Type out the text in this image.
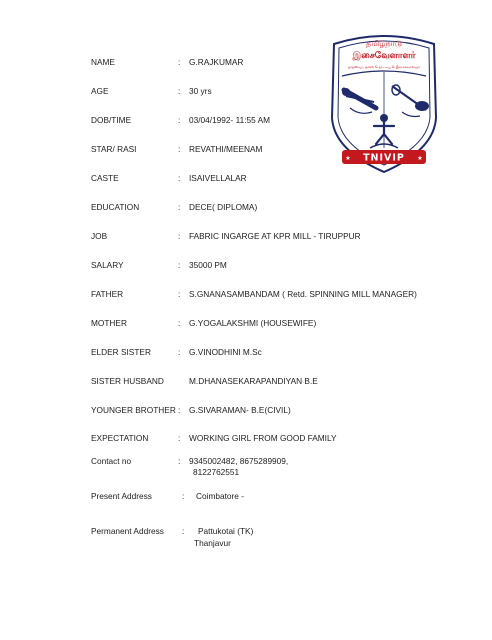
NAME	: G.RAJKUMAR
AGE	: 30 yrs
DOB/TIME	: 03/04/1992- 11:55 AM
STAR/ RASI	: REVATHI/MEENAM
CASTE	: ISAIVELLALAR
EDUCATION	: DECE( DIPLOMA)
JOB	: FABRIC INGARGE AT KPR MILL - TIRUPPUR
SALARY	: 35000 PM
FATHER	: S.GNANASAMBANDAM ( Retd. SPINNING MILL MANAGER)
MOTHER	: G.YOGALAKSHMI (HOUSEWIFE)
ELDER SISTER	: G.VINODHINI M.Sc
SISTER HUSBAND	M.DHANASEKARAPANDIYAN B.E
YOUNGER BROTHER : G.SIVARAMAN- B.E(CIVIL)
EXPECTATION	: WORKING GIRL FROM GOOD FAMILY
Contact no	: 9345002482, 8675289909,
8122762551
Present Address	: Coimbatore -
Permanent Address : Pattukotai (TK)
Thanjavur
தமிழ்நாடு
இசைவேளாளர்
நாதஸ்வர, தவில் & நாட்டிய & இசைக்கலைஞர்
TNIVIP
★	★
